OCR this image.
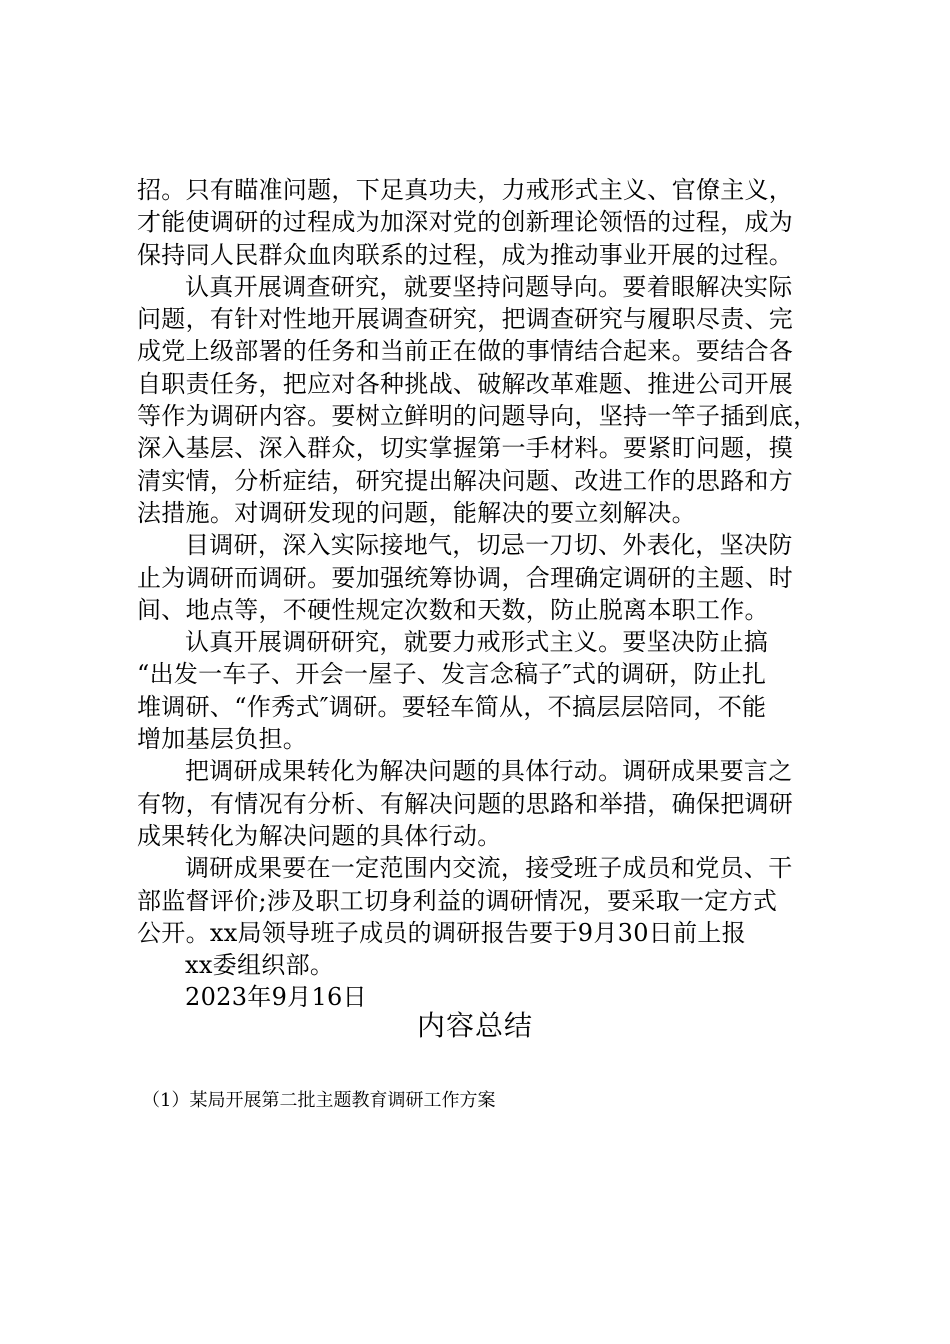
招。只有瞄准问题，下足真功夫，力戒形式主义、官僚主义，
才能使调研的过程成为加深对党的创新理论领悟的过程，成为
保持同人民群众血肉联系的过程，成为推动事业开展的过程。
认真开展调查研究，就要坚持问题导向。要着眼解决实际
问题，有针对性地开展调查研究，把调查研究与履职尽责、完
成党上级部署的任务和当前正在做的事情结合起来。要结合各
自职责任务，把应对各种挑战、破解改革难题、推进公司开展
等作为调研内容。要树立鲜明的问题导向，坚持一竿子插到底，
深入基层、深入群众，切实掌握第一手材料。要紧盯问题，摸
清实情，分析症结，研究提出解决问题、改进工作的思路和方
法措施。对调研发现的问题，能解决的要立刻解决。
目调研，深入实际接地气，切忌一刀切、外表化，坚决防
止为调研而调研。要加强统筹协调，合理确定调研的主题、时
间、地点等，不硬性规定次数和天数，防止脱离本职工作。
认真开展调研研究，就要力戒形式主义。要坚决防止搞
“出发一车子、开会一屋子、发言念稿子″式的调研，防止扎
堆调研、“作秀式″调研。要轻车简从，不搞层层陪同，不能
增加基层负担。
把调研成果转化为解决问题的具体行动。调研成果要言之
有物，有情况有分析、有解决问题的思路和举措，确保把调研
成果转化为解决问题的具体行动。
调研成果要在一定范围内交流，接受班子成员和党员、干
部监督评价;涉及职工切身利益的调研情况，要采取一定方式
公开。xx局领导班子成员的调研报告要于9月30日前上报
xx委组织部。
2023年9月16日
内容总结
（1）某局开展第二批主题教育调研工作方案
